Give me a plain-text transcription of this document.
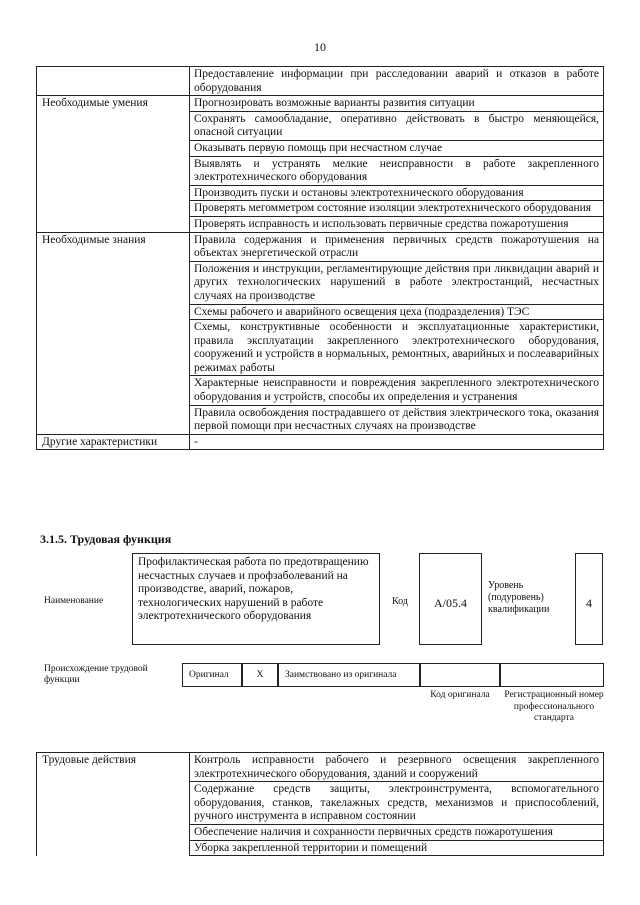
10
	Предоставление информации при расследовании аварий и отказов в работе оборудования
Необходимые умения	Прогнозировать возможные варианты развития ситуации
	Сохранять самообладание, оперативно действовать в быстро меняющейся, опасной ситуации
	Оказывать первую помощь при несчастном случае
	Выявлять и устранять мелкие неисправности в работе закрепленного электротехнического оборудования
	Производить пуски и остановы электротехнического оборудования
	Проверять мегомметром состояние изоляции электротехнического оборудования
	Проверять исправность и использовать первичные средства пожаротушения
Необходимые знания	Правила содержания и применения первичных средств пожаротушения на объектах энергетической отрасли
	Положения и инструкции, регламентирующие действия при ликвидации аварий и других технологических нарушений в работе электростанций, несчастных случаях на производстве
	Схемы рабочего и аварийного освещения цеха (подразделения) ТЭС
	Схемы, конструктивные особенности и эксплуатационные характеристики, правила эксплуатации закрепленного электротехнического оборудования, сооружений и устройств в нормальных, ремонтных, аварийных и послеаварийных режимах работы
	Характерные неисправности и повреждения закрепленного электротехнического оборудования и устройств, способы их определения и устранения
	Правила освобождения пострадавшего от действия электрического тока, оказания первой помощи при несчастных случаях на производстве
Другие характеристики	-
3.1.5. Трудовая функция
Наименование
Профилактическая работа по предотвращению несчастных случаев и профзаболеваний на производстве, аварий, пожаров, технологических нарушений в работе электротехнического оборудования
Код	A/05.4
Уровень (подуровень) квалификации	4
Происхождение трудовой функции	Оригинал	X	Заимствовано из оригинала
Код оригинала	Регистрационный номер профессионального стандарта
Трудовые действия	Контроль исправности рабочего и резервного освещения закрепленного электротехнического оборудования, зданий и сооружений
	Содержание средств защиты, электроинструмента, вспомогательного оборудования, станков, такелажных средств, механизмов и приспособлений, ручного инструмента в исправном состоянии
	Обеспечение наличия и сохранности первичных средств пожаротушения
	Уборка закрепленной территории и помещений
